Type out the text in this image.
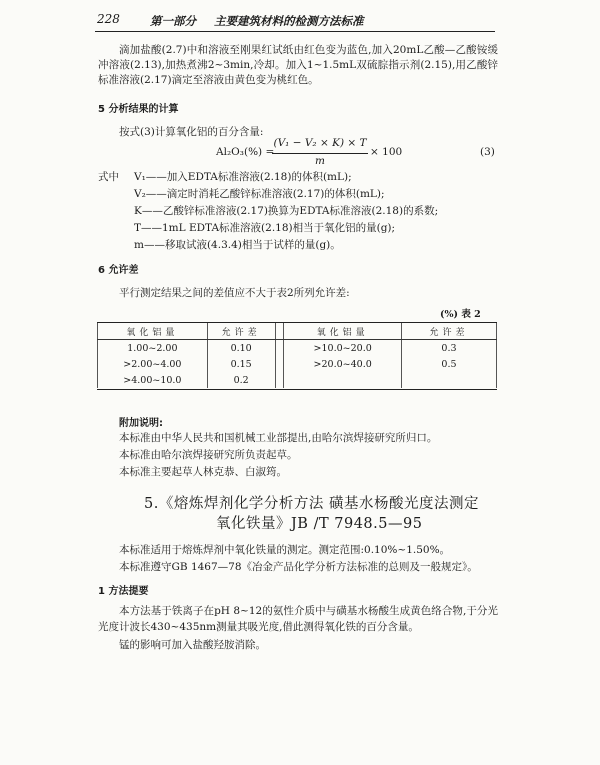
228	第一部分 主要建筑材料的检测方法标准
滴加盐酸(2.7)中和溶液至刚果红试纸由红色变为蓝色,加入20mL乙酸—乙酸铵缓冲溶液(2.13),加热煮沸2~3min,冷却。加入1~1.5mL双硫腙指示剂(2.15),用乙酸锌标准溶液(2.17)滴定至溶液由黄色变为桃红色。
5 分析结果的计算
按式(3)计算氧化铝的百分含量:
Al₂O₃(%) =
(V₁ − V₂ × K) × T
m
× 100	(3)
式中 V₁——加入EDTA标准溶液(2.18)的体积(mL);
V₂——滴定时消耗乙酸锌标准溶液(2.17)的体积(mL);
K——乙酸锌标准溶液(2.17)换算为EDTA标准溶液(2.18)的系数;
T——1mL EDTA标准溶液(2.18)相当于氧化铝的量(g);
m——移取试液(4.3.4)相当于试样的量(g)。
6 允许差
平行测定结果之间的差值应不大于表2所列允许差:
(%) 表 2
氧化铝量	允许差		氧化铝量	允许差
1.00~2.00	0.10		>10.0~20.0	0.3
>2.00~4.00	0.15		>20.0~40.0	0.5
>4.00~10.0	0.2			
附加说明:
本标准由中华人民共和国机械工业部提出,由哈尔滨焊接研究所归口。
本标准由哈尔滨焊接研究所负责起草。
本标准主要起草人林克恭、白淑筠。
5.《熔炼焊剂化学分析方法 磺基水杨酸光度法测定
氧化铁量》JB /T 7948.5—95
本标准适用于熔炼焊剂中氧化铁量的测定。测定范围:0.10%~1.50%。
本标准遵守GB 1467—78《冶金产品化学分析方法标准的总则及一般规定》。
1 方法提要
本方法基于铁离子在pH 8~12的氨性介质中与磺基水杨酸生成黄色络合物,于分光光度计波长430~435nm测量其吸光度,借此测得氧化铁的百分含量。
锰的影响可加入盐酸羟胺消除。
